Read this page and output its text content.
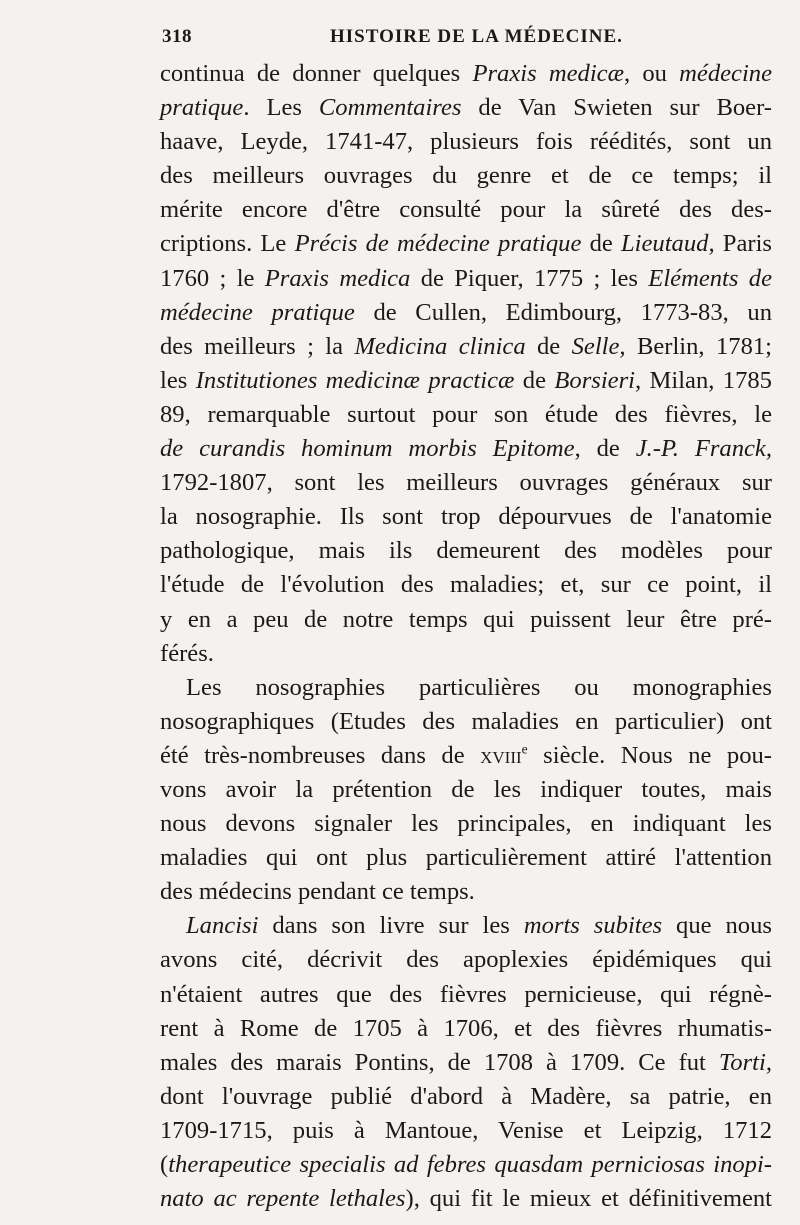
318	HISTOIRE DE LA MÉDECINE.
continua de donner quelques Praxis medicæ, ou médecine
pratique. Les Commentaires de Van Swieten sur Boer-
haave, Leyde, 1741-47, plusieurs fois réédités, sont un
des meilleurs ouvrages du genre et de ce temps; il
mérite encore d'être consulté pour la sûreté des des-
criptions. Le Précis de médecine pratique de Lieutaud, Paris
1760 ; le Praxis medica de Piquer, 1775 ; les Eléments de
médecine pratique de Cullen, Edimbourg, 1773-83, un
des meilleurs ; la Medicina clinica de Selle, Berlin, 1781;
les Institutiones medicinæ practicæ de Borsieri, Milan, 1785
89, remarquable surtout pour son étude des fièvres, le
de curandis hominum morbis Epitome, de J.-P. Franck,
1792-1807, sont les meilleurs ouvrages généraux sur
la nosographie. Ils sont trop dépourvues de l'anatomie
pathologique, mais ils demeurent des modèles pour
l'étude de l'évolution des maladies; et, sur ce point, il
y en a peu de notre temps qui puissent leur être pré-
férés.
Les nosographies particulières ou monographies
nosographiques (Etudes des maladies en particulier) ont
été très-nombreuses dans de xviii$^e$ siècle. Nous ne pou-
vons avoir la prétention de les indiquer toutes, mais
nous devons signaler les principales, en indiquant les
maladies qui ont plus particulièrement attiré l'attention
des médecins pendant ce temps.
Lancisi dans son livre sur les morts subites que nous
avons cité, décrivit des apoplexies épidémiques qui
n'étaient autres que des fièvres pernicieuse, qui régnè-
rent à Rome de 1705 à 1706, et des fièvres rhumatis-
males des marais Pontins, de 1708 à 1709. Ce fut Torti,
dont l'ouvrage publié d'abord à Madère, sa patrie, en
1709-1715, puis à Mantoue, Venise et Leipzig, 1712
(therapeutice specialis ad febres quasdam perniciosas inopi-
nato ac repente lethales), qui fit le mieux et définitivement
